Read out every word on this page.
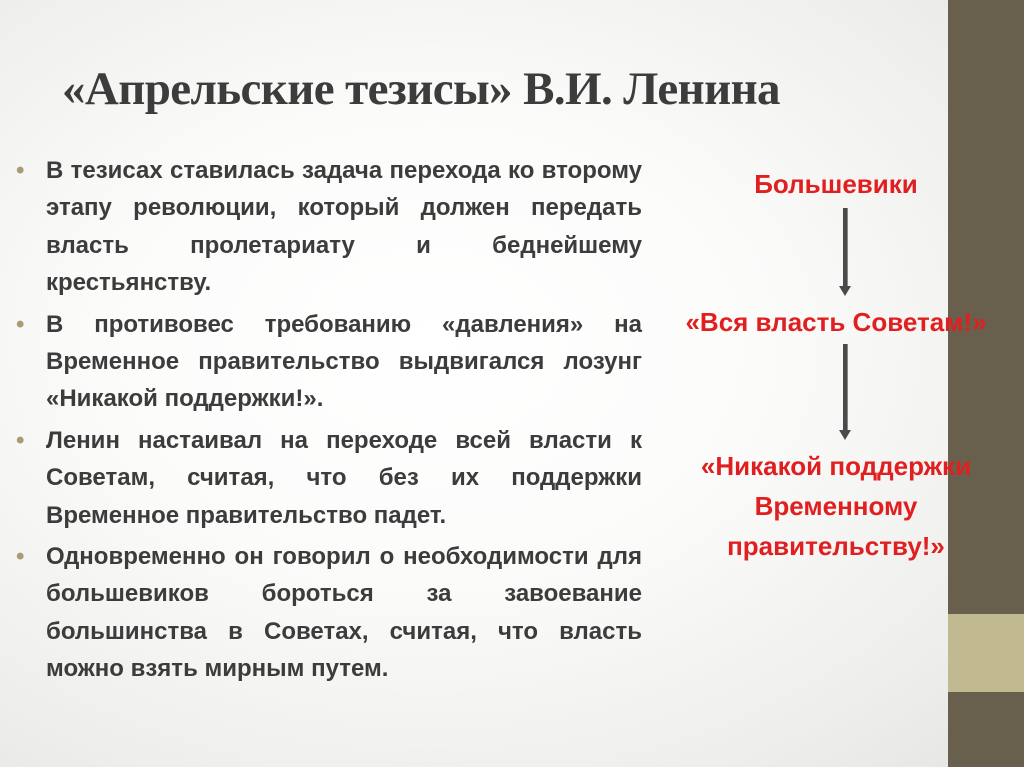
«Апрельские тезисы» В.И. Ленина
• В тезисах ставилась задача перехода ко второму этапу революции, который должен передать власть пролетариату и беднейшему крестьянству.
• В противовес требованию «давления» на Временное правительство выдвигался лозунг «Никакой поддержки!».
• Ленин настаивал на переходе всей власти к Советам, считая, что без их поддержки Временное правительство падет.
• Одновременно он говорил о необходимости для большевиков бороться за завоевание большинства в Советах, считая, что власть можно взять мирным путем.
Большевики
«Вся власть Советам!»
«Никакой поддержки Временному правительству!»
